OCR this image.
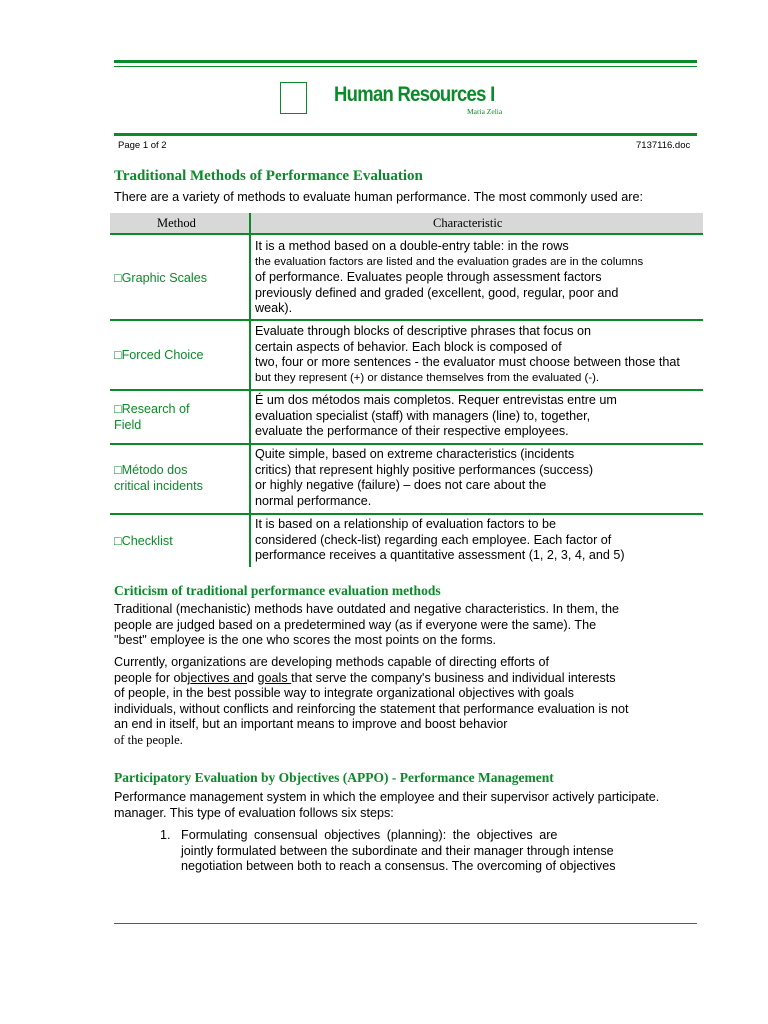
Human Resources I
Maria Zelia
Page 1 of 2	7137116.doc
Traditional Methods of Performance Evaluation
There are a variety of methods to evaluate human performance. The most commonly used are:
Method	Characteristic
□Graphic Scales
It is a method based on a double-entry table: in the rows
the evaluation factors are listed and the evaluation grades are in the columns
of performance. Evaluates people through assessment factors
previously defined and graded (excellent, good, regular, poor and
weak).
□Forced Choice
Evaluate through blocks of descriptive phrases that focus on
certain aspects of behavior. Each block is composed of
two, four or more sentences - the evaluator must choose between those that
but they represent (+) or distance themselves from the evaluated (-).
□Research of
Field
É um dos métodos mais completos. Requer entrevistas entre um
evaluation specialist (staff) with managers (line) to, together,
evaluate the performance of their respective employees.
□Método dos
critical incidents
Quite simple, based on extreme characteristics (incidents
critics) that represent highly positive performances (success)
or highly negative (failure) – does not care about the
normal performance.
□Checklist
It is based on a relationship of evaluation factors to be
considered (check-list) regarding each employee. Each factor of
performance receives a quantitative assessment (1, 2, 3, 4, and 5)
Criticism of traditional performance evaluation methods
Traditional (mechanistic) methods have outdated and negative characteristics. In them, the
people are judged based on a predetermined way (as if everyone were the same). The
"best" employee is the one who scores the most points on the forms.
Currently, organizations are developing methods capable of directing efforts of
people for objectives and goals that serve the company's business and individual interests
of people, in the best possible way to integrate organizational objectives with goals
individuals, without conflicts and reinforcing the statement that performance evaluation is not
an end in itself, but an important means to improve and boost behavior
of the people.
Participatory Evaluation by Objectives (APPO) - Performance Management
Performance management system in which the employee and their supervisor actively participate.
manager. This type of evaluation follows six steps:
1. Formulating consensual objectives (planning): the objectives are
jointly formulated between the subordinate and their manager through intense
negotiation between both to reach a consensus. The overcoming of objectives
